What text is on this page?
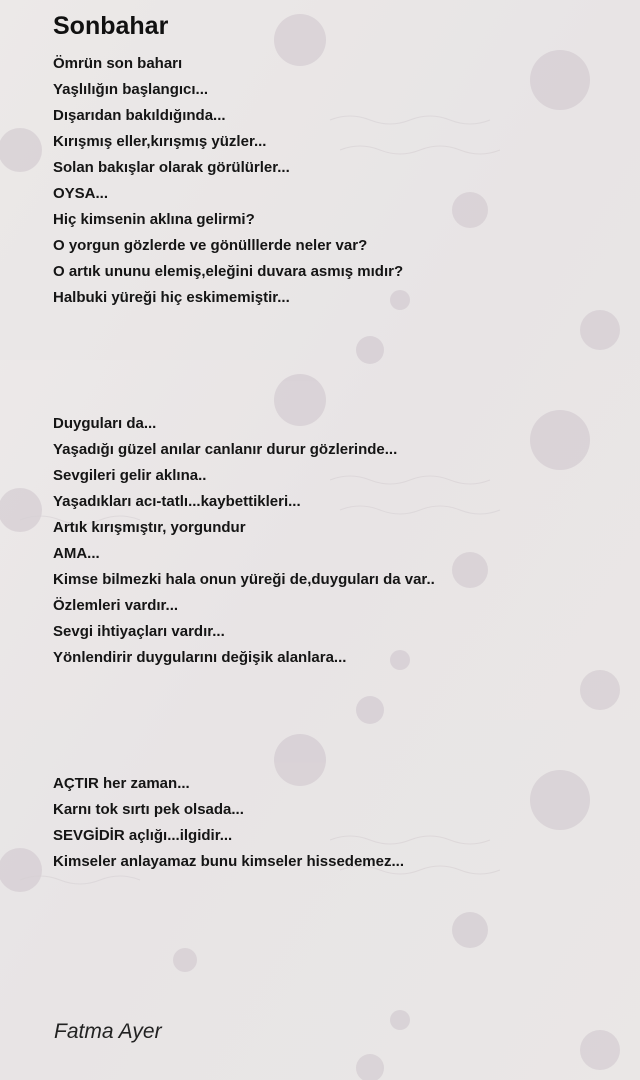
Sonbahar
Ömrün son baharı
Yaşlılığın başlangıcı...
Dışarıdan bakıldığında...
Kırışmış eller,kırışmış yüzler...
Solan bakışlar olarak görülürler...
OYSA...
Hiç kimsenin aklına gelirmi?
O yorgun gözlerde ve gönülllerde neler var?
O artık ununu elemiş,eleğini duvara asmış mıdır?
Halbuki yüreği hiç eskimemiştir...
Duyguları da...
Yaşadığı güzel anılar canlanır durur gözlerinde...
Sevgileri gelir aklına..
Yaşadıkları acı-tatlı...kaybettikleri...
Artık kırışmıştır, yorgundur
AMA...
Kimse bilmezki hala onun yüreği de,duyguları da var..
Özlemleri vardır...
Sevgi ihtiyaçları vardır...
Yönlendirir duygularını değişik alanlara...
AÇTIR her zaman...
Karnı tok sırtı pek olsada...
SEVGİDİR açlığı...ilgidir...
Kimseler anlayamaz bunu kimseler hissedemez...
Fatma Ayer
